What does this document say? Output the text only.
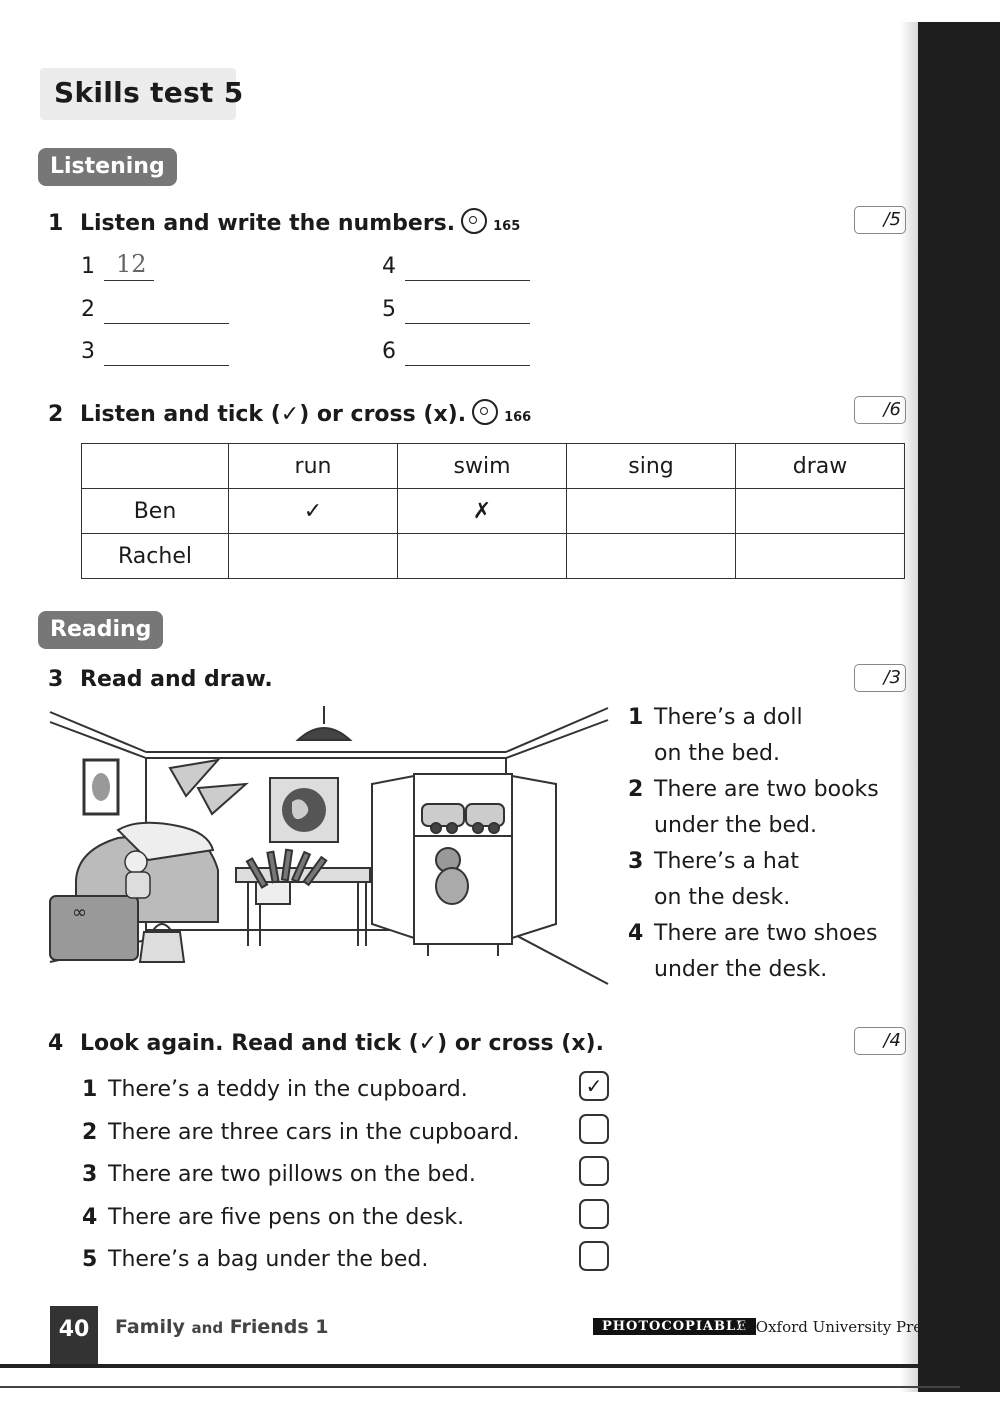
Skills test 5
Listening
1 Listen and write the numbers.	165	/5
1 12
2
3
4
5
6
2 Listen and tick (✓) or cross (x).	166	/6
	run	swim	sing	draw
Ben	✓	✗		
Rachel				
Reading
3 Read and draw.	/3
∞
1 There’s a doll
on the bed.
2 There are two books
under the bed.
3 There’s a hat
on the desk.
4 There are two shoes
under the desk.
4 Look again. Read and tick (✓) or cross (x).	/4
1 There’s a teddy in the cupboard.	✓
2 There are three cars in the cupboard.
3 There are two pillows on the bed.
4 There are five pens on the desk.
5 There’s a bag under the bed.
40	Family and Friends 1	PHOTOCOPIABLE
© Oxford University Pre
